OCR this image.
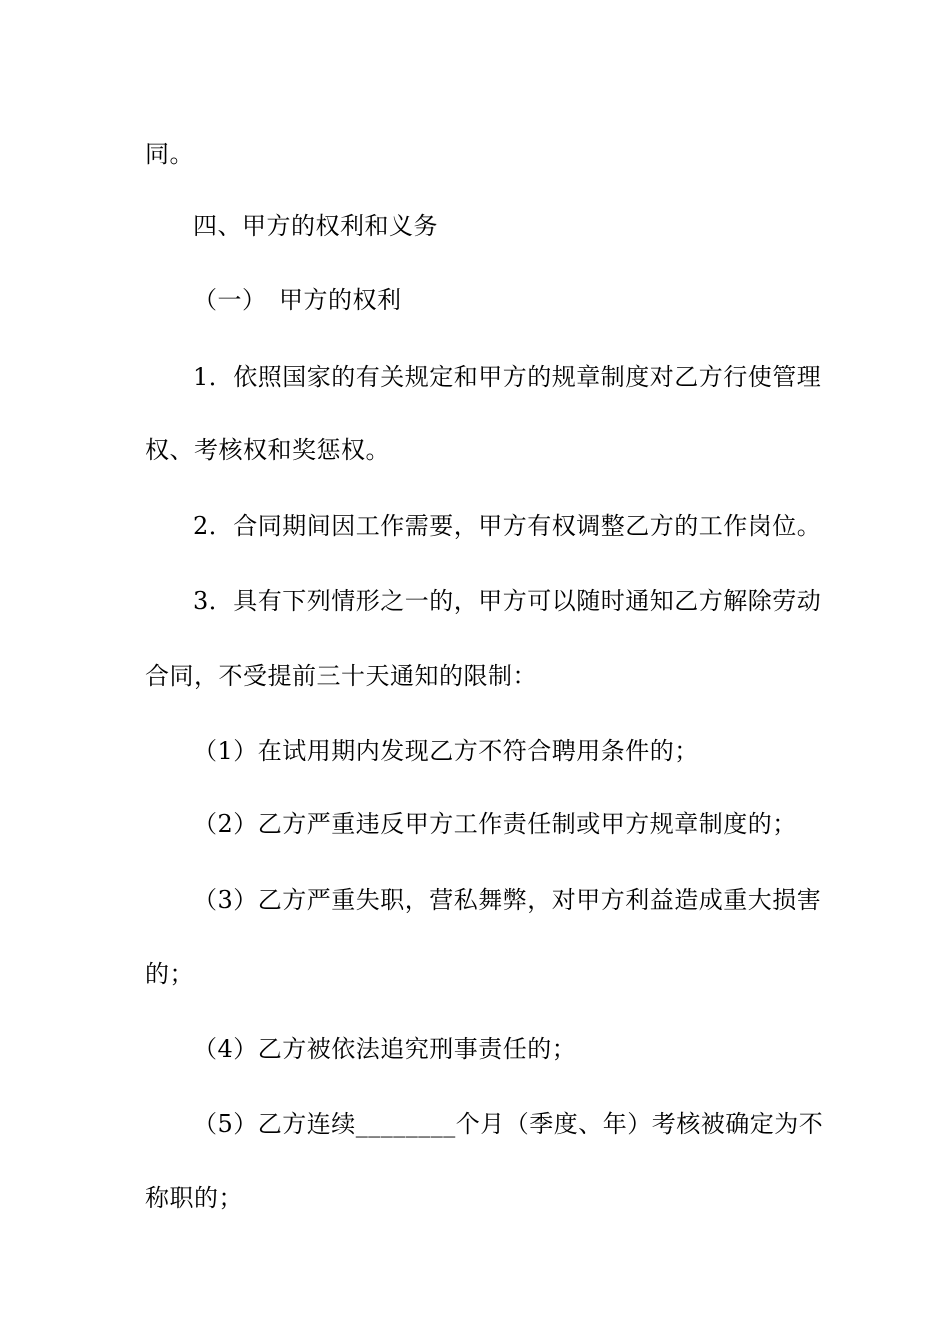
同。
四、甲方的权利和义务
（一）　甲方的权利
1．依照国家的有关规定和甲方的规章制度对乙方行使管理
权、考核权和奖惩权。
2．合同期间因工作需要，甲方有权调整乙方的工作岗位。
3．具有下列情形之一的，甲方可以随时通知乙方解除劳动
合同，不受提前三十天通知的限制：
（1）在试用期内发现乙方不符合聘用条件的；
（2）乙方严重违反甲方工作责任制或甲方规章制度的；
（3）乙方严重失职，营私舞弊，对甲方利益造成重大损害
的；
（4）乙方被依法追究刑事责任的；
（5）乙方连续________个月（季度、年）考核被确定为不
称职的；
